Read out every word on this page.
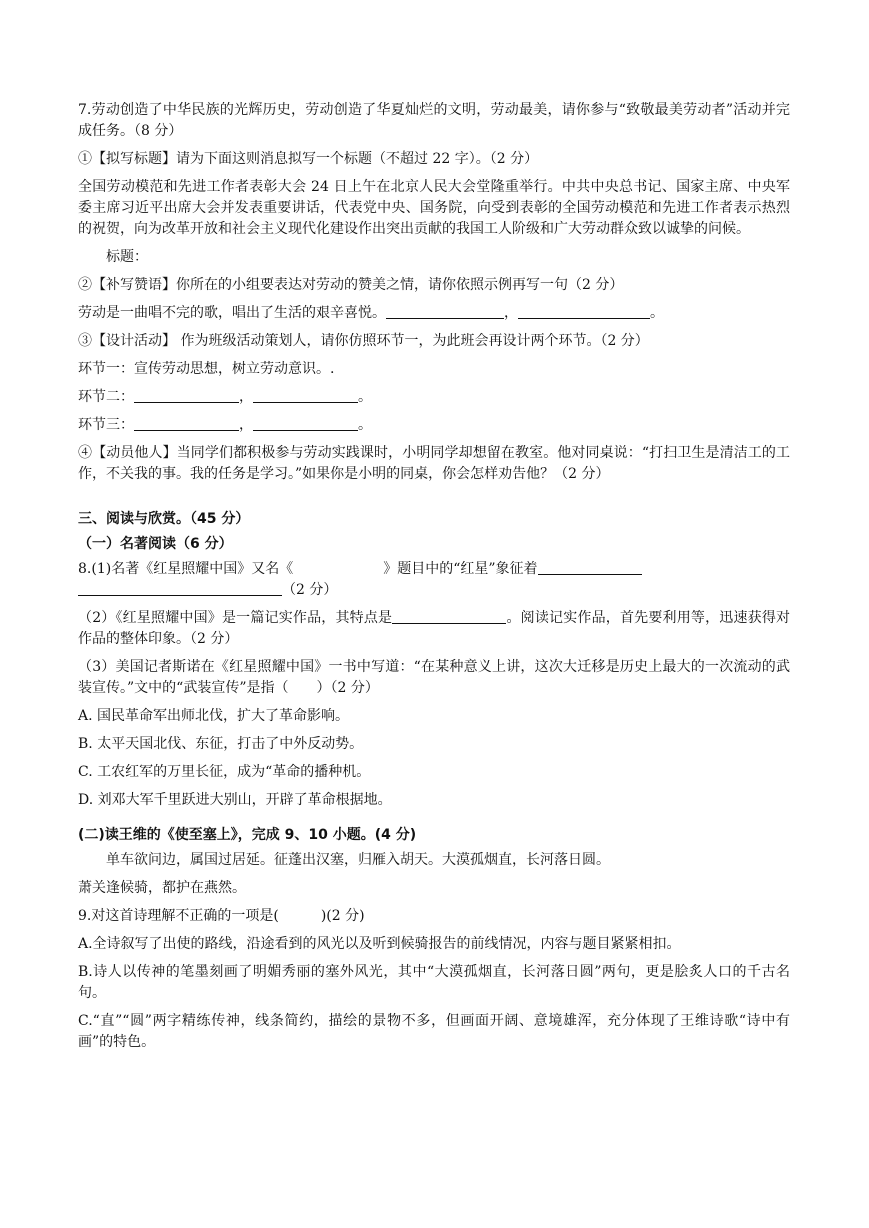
7.劳动创造了中华民族的光辉历史，劳动创造了华夏灿烂的文明，劳动最美，请你参与“致敬最美劳动者”活动并完成任务。（8 分）

①【拟写标题】请为下面这则消息拟写一个标题（不超过 22 字）。（2 分）

全国劳动模范和先进工作者表彰大会 24 日上午在北京人民大会堂隆重举行。中共中央总书记、国家主席、中央军委主席习近平出席大会并发表重要讲话，代表党中央、国务院，向受到表彰的全国劳动模范和先进工作者表示热烈的祝贺，向为改革开放和社会主义现代化建设作出突出贡献的我国工人阶级和广大劳动群众致以诚挚的问候。

标题：

②【补写赞语】你所在的小组要表达对劳动的赞美之情，请你依照示例再写一句（2 分）

劳动是一曲唱不完的歌，唱出了生活的艰辛喜悦。	，	。

③【设计活动】 作为班级活动策划人，请你仿照环节一，为此班会再设计两个环节。（2 分）

环节一：宣传劳动思想，树立劳动意识。.

环节二：	，	。

环节三：	，	。

④【动员他人】当同学们都积极参与劳动实践课时，小明同学却想留在教室。他对同桌说：“打扫卫生是清洁工的工作，不关我的事。我的任务是学习。”如果你是小明的同桌，你会怎样劝告他？（2 分）

三、阅读与欣赏。（45 分）

（一）名著阅读（6 分）

8.(1)名著《红星照耀中国》又名《	》题目中的“红星”象征着
（2 分）

（2）《红星照耀中国》是一篇记实作品，其特点是	。阅读记实作品，首先要利用等，迅速获得对作品的整体印象。（2 分）

（3）美国记者斯诺在《红星照耀中国》一书中写道：“在某种意义上讲，这次大迁移是历史上最大的一次流动的武装宣传。”文中的“武装宣传”是指（　　）（2 分）

A. 国民革命军出师北伐，扩大了革命影响。

B. 太平天国北伐、东征，打击了中外反动势。

C. 工农红军的万里长征，成为“革命的播种机。

D. 刘邓大军千里跃进大别山，开辟了革命根据地。

(二)读王维的《使至塞上》，完成 9、10 小题。(4 分)

单车欲问边，属国过居延。征蓬出汉塞，归雁入胡天。大漠孤烟直，长河落日圆。

萧关逢候骑，都护在燕然。

9.对这首诗理解不正确的一项是(　　　)(2 分)

A.全诗叙写了出使的路线，沿途看到的风光以及听到候骑报告的前线情况，内容与题目紧紧相扣。

B.诗人以传神的笔墨刻画了明媚秀丽的塞外风光，其中“大漠孤烟直，长河落日圆”两句，更是脍炙人口的千古名句。

C.“直”“圆”两字精练传神，线条简约，描绘的景物不多，但画面开阔、意境雄浑，充分体现了王维诗歌“诗中有画”的特色。
